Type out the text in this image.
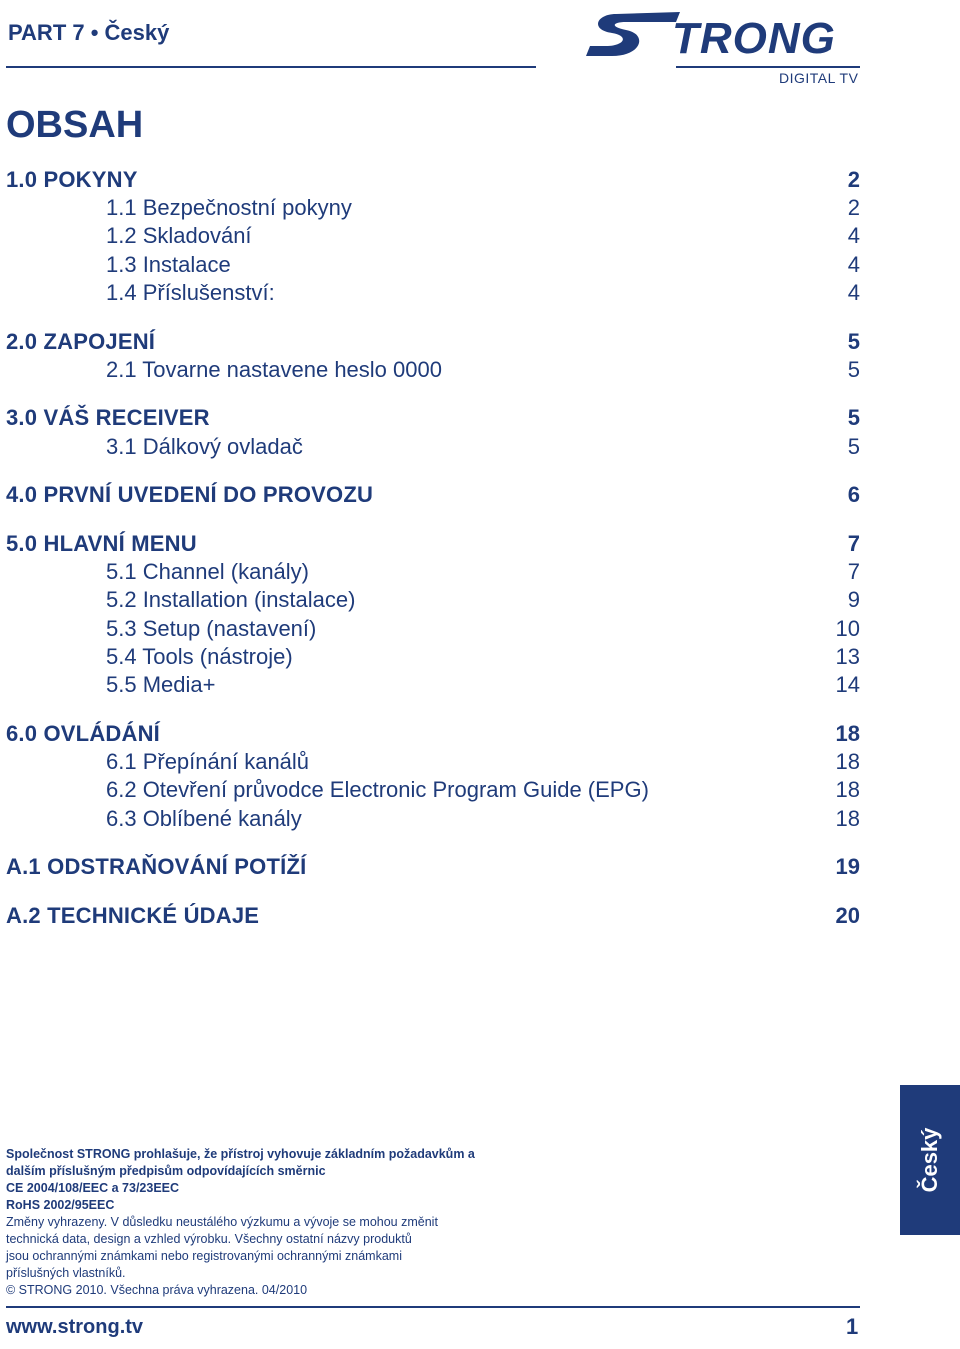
PART 7 • Český	TRONG
DIGITAL TV
OBSAH
1.0 POKYNY	2
1.1 Bezpečnostní pokyny	2
1.2 Skladování	4
1.3 Instalace	4
1.4 Příslušenství:	4
2.0 ZAPOJENÍ	5
2.1 Tovarne nastavene heslo 0000	5
3.0 VÁŠ RECEIVER	5
3.1 Dálkový ovladač	5
4.0 PRVNÍ UVEDENÍ DO PROVOZU	6
5.0 HLAVNÍ MENU	7
5.1 Channel (kanály)	7
5.2 Installation (instalace)	9
5.3 Setup (nastavení)	10
5.4 Tools (nástroje)	13
5.5 Media+	14
6.0 OVLÁDÁNÍ	18
6.1 Přepínání kanálů	18
6.2 Otevření průvodce Electronic Program Guide (EPG)	18
6.3 Oblíbené kanály	18
A.1 ODSTRAŇOVÁNÍ POTÍŽÍ	19
A.2 TECHNICKÉ ÚDAJE	20
Český
Společnost STRONG prohlašuje, že přístroj vyhovuje základním požadavkům a
dalším příslušným předpisům odpovídajících směrnic
CE 2004/108/EEC a 73/23EEC
RoHS 2002/95EEC
Změny vyhrazeny. V důsledku neustálého výzkumu a vývoje se mohou změnit
technická data, design a vzhled výrobku. Všechny ostatní názvy produktů
jsou ochrannými známkami nebo registrovanými ochrannými známkami
příslušných vlastníků.
© STRONG 2010. Všechna práva vyhrazena. 04/2010
www.strong.tv	1
